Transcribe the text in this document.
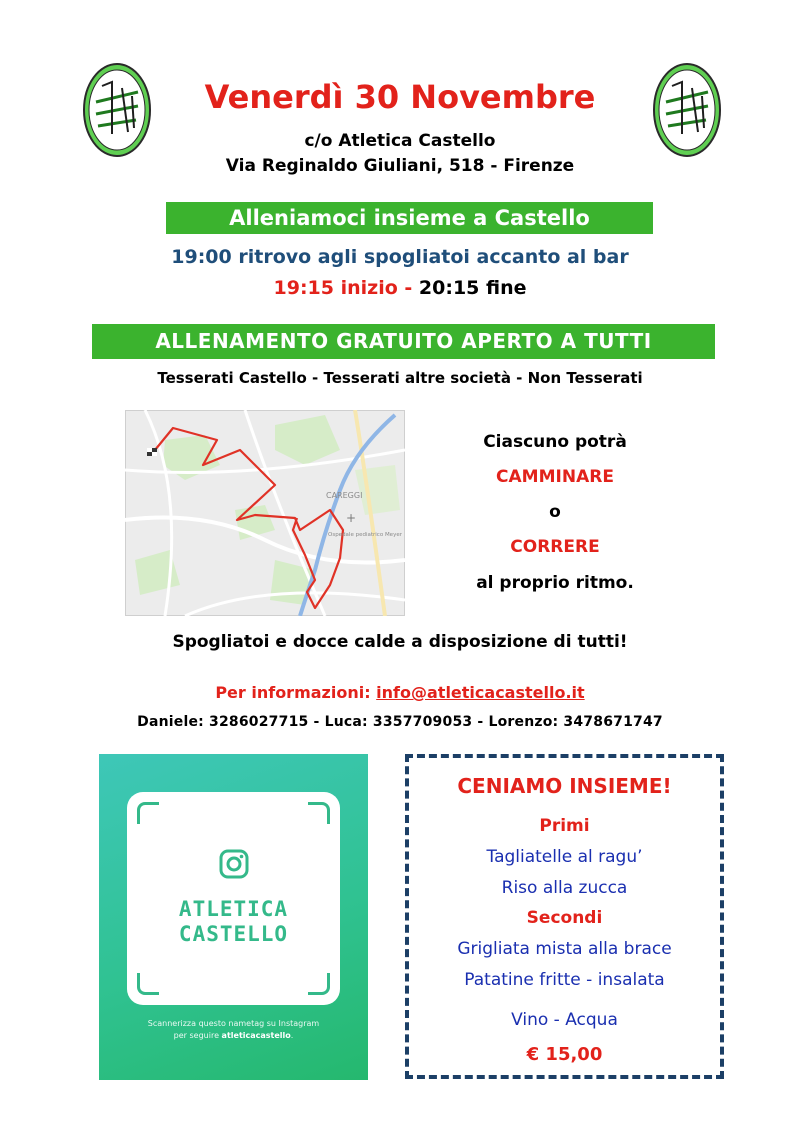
Venerdì 30 Novembre
c/o Atletica Castello
Via Reginaldo Giuliani, 518 - Firenze
Alleniamoci insieme a Castello
19:00 ritrovo agli spogliatoi accanto al bar
19:15 inizio - 20:15 fine
ALLENAMENTO GRATUITO APERTO A TUTTI
Tesserati Castello - Tesserati altre società - Non Tesserati
CAREGGI
+
Ospedale pediatrico Meyer
Ciascuno potrà
CAMMINARE
o
CORRERE
al proprio ritmo.
Spogliatoi e docce calde a disposizione di tutti!
Per informazioni: info@atleticacastello.it
Daniele: 3286027715 - Luca: 3357709053 - Lorenzo: 3478671747
ATLETICA
CASTELLO
Scannerizza questo nametag su Instagram
per seguire atleticacastello.
CENIAMO INSIEME!
Primi
Tagliatelle al ragu’
Riso alla zucca
Secondi
Grigliata mista alla brace
Patatine fritte - insalata
Vino - Acqua
€ 15,00
